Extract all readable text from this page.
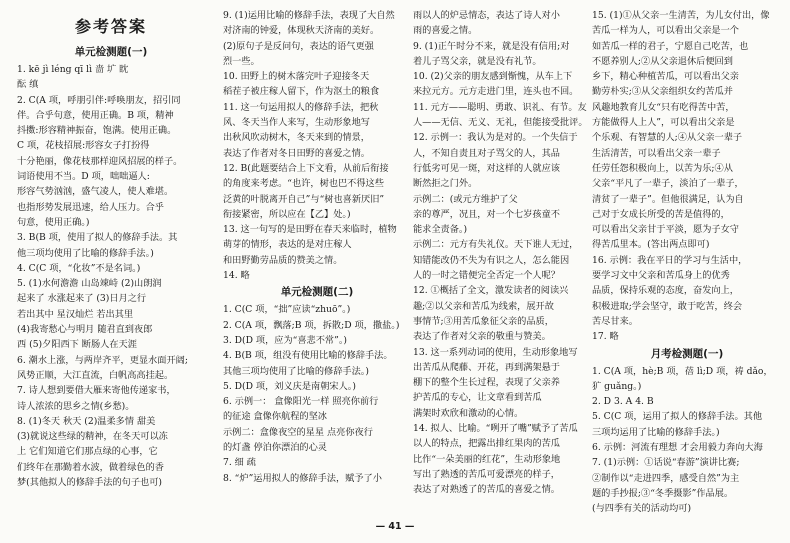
参考答案
单元检测题(一)
1. kē jì léng qī lì 啬 圹 眈
酝 缜
2. C(A 项，呼朋引伴:呼唤朋友，招引同
伴。合乎句意，使用正确。B 项，精神
抖擞:形容精神振奋，饱满。使用正确。
C 项，花枝招展:形容女子打扮得
十分艳丽，像花枝那样迎风招展的样子。
词语使用不当。D 项，咄咄逼人:
形容气势汹汹，盛气凌人，使人难堪。
也指形势发展迅速，给人压力。合乎
句意，使用正确。)
3. B(B 项，使用了拟人的修辞手法。其
他三项均使用了比喻的修辞手法。)
4. C(C 项，“化妆”不是名词。)
5. (1)水何澹澹 山岛竦峙 (2)山朗润
起来了 水涨起来了 (3)日月之行
若出其中 星汉灿烂 若出其里
(4)我寄愁心与明月 随君直到夜郎
西 (5)夕阳西下 断肠人在天涯
6. 潮水上涨，与两岸齐平，更显水面开阔;
风势正顺，大江直流，白帆高高挂起。
7. 诗人想到要借大雁来寄他传递家书，
诗人浓浓的思乡之情(乡愁)。
8. (1)冬天 秋天 (2)温柔多情 甜美
(3)就说这些绿的精神，在冬天可以冻
上 它们知道它们那点绿的心事，它
们终年在那勤着水波，做着绿色的香
梦(其他拟人的修辞手法的句子也可)
9. (1)运用比喻的修辞手法，表现了大自然
对济南的钟爱，体现秋天济南的美好。
(2)原句子是反问句，表达的语气更强
烈一些。
10. 田野上的树木落完叶子迎接冬天
稻茬子被庄稼人留下，作为沤土的粮食
11. 这一句运用拟人的修辞手法，把秋
风、冬天当作人来写，生动形象地写
出秋风吹动树木，冬天来到的情景，
表达了作者对冬日田野的喜爱之情。
12. B(此题要结合上下文看，从前后衔接
的角度来考虑。“也许，树也巴不得这些
泛黄的叶脱离开自己”与“树也喜新厌旧”
衔接紧密，所以应在【乙】处。)
13. 这一句写的是田野在春天来临时，植物
萌芽的情形，表达的是对庄稼人
和田野勤劳品质的赞美之情。
14. 略
单元检测题(二)
1. C(C 项，“拙”应读“zhuō”。)
2. C(A 项，飘落;B 项，拆散;D 项，撒盐。)
3. D(D 项，应为“喜悲不常”。)
4. B(B 项，组没有使用比喻的修辞手法。
其他三项均使用了比喻的修辞手法。)
5. D(D 项，刘义庆是南朝宋人。)
6. 示例一： 盒像阳光一样 照亮你前行
的征途 盒像你航程的坚冰
示例二：盒像夜空的星星 点亮你夜行
的灯盏 停泊你漂泊的心灵
7. 细 疏
8. “炉”运用拟人的修辞手法，赋予了小
雨以人的炉忌情态，表达了诗人对小
雨的喜爱之情。
9. (1)正午时分不来，就是没有信用;对
着儿子骂父亲，就是没有礼节。
10. (2)父亲的朋友感到惭愧，从车上下
来拉元方。元方走进门里，连头也不回。
11. 元方——聪明、勇敢、识礼、有节。友
人——无信、无义、无礼，但能接受批评。
12. 示例一：我认为是对的。一个失信于
人，不知自责且对子骂父的人，其品
行低劣可见一斑，对这样的人就应该
断然拒之门外。
示例二：(或元方维护了父
亲的尊严，况且，对一个七岁孩童不
能求全责备。)
示例二：元方有失礼仪。天下谁人无过，
知错能改仍不失为有识之人，怎么能因
人的一时之错便完全否定一个人呢？
12. ①概括了全文，激发读者的阅读兴
趣;②以父亲和苦瓜为线索，展开故
事情节;③用苦瓜象征父亲的品质，
表达了作者对父亲的敬重与赞美。
13. 这一系列动词的使用，生动形象地写
出苦瓜从爬藤、开花，再到满架悬于
棚下的整个生长过程，表现了父亲养
护苦瓜的专心，让文章看到苦瓜
满架时欢欣和激动的心情。
14. 拟人、比喻。“咧开了嘴”赋予了苦瓜
以人的特点，把露出排红果肉的苦瓜
比作“一朵美丽的红花”，生动形象地
写出了熟透的苦瓜可爱漂亮的样子，
表达了对熟透了的苦瓜的喜爱之情。
15. (1)①从父亲一生清苦，为儿女付出，像
苦瓜一样为人，可以看出父亲是一个
如苦瓜一样的君子，宁愿自己吃苦，也
不愿养别人;②从父亲退休后便回到
乡下，精心种植苦瓜，可以看出父亲
勤劳朴实;③从父亲组织女约苦瓜并
风趣地教育儿女“只有吃得苦中苦，
方能做得人上人”，可以看出父亲是
个乐观、有智慧的人;④从父亲一辈子
生活清苦，可以看出父亲一辈子
任劳任怨积极向上，以苦为乐;④从
父亲“平凡了一辈子，淡泊了一辈子，
清贫了一辈子”。但他很满足，认为自
己对于女成长所受的苦是值得的，
可以看出父亲甘于平淡，愿为子女守
得苦瓜里本。(答出两点即可)
16. 示例：我在平日的学习与生活中，
要学习文中父亲和苦瓜身上的优秀
品质，保持乐观的态度，奋发向上，
积极进取;学会坚守，敢于吃苦，终会
苦尽甘来。
17. 略
月考检测题(一)
1. C(A 项，hè;B 项，蓓 lì;D 项，祷 dǎo，
犷 guǎng。)
2. D 3. A 4. B
5. C(C 项，运用了拟人的修辞手法。其他
三项均运用了比喻的修辞手法。)
6. 示例：河流有理想 才会用毅力奔向大海
7. (1)示例：①话说“春游”演讲比赛;
②制作以“走进四季，感受自然”为主
题的手抄报;③“冬季摄影”作品展。
(与四季有关的活动均可)
— 41 —
